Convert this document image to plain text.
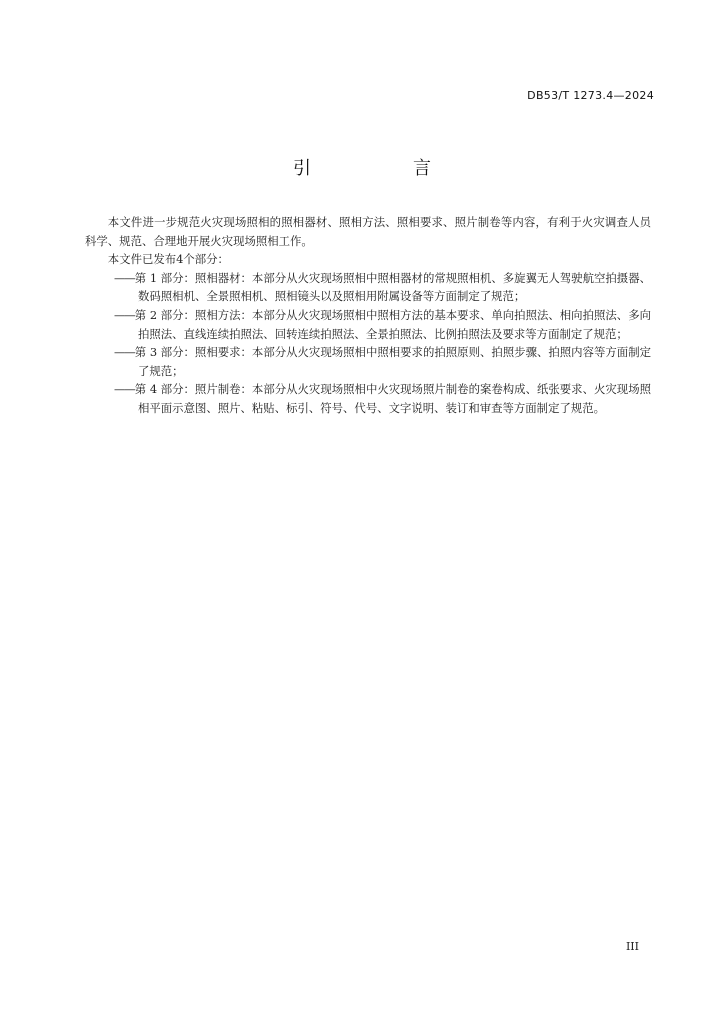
DB53/T 1273.4—2024
引　言

本文件进一步规范火灾现场照相的照相器材、照相方法、照相要求、照片制卷等内容，有利于火灾调查人员科学、规范、合理地开展火灾现场照相工作。

本文件已发布4个部分：

——第 1 部分：照相器材：本部分从火灾现场照相中照相器材的常规照相机、多旋翼无人驾驶航空拍摄器、数码照相机、全景照相机、照相镜头以及照相用附属设备等方面制定了规范；

——第 2 部分：照相方法：本部分从火灾现场照相中照相方法的基本要求、单向拍照法、相向拍照法、多向拍照法、直线连续拍照法、回转连续拍照法、全景拍照法、比例拍照法及要求等方面制定了规范；

——第 3 部分：照相要求：本部分从火灾现场照相中照相要求的拍照原则、拍照步骤、拍照内容等方面制定了规范；

——第 4 部分：照片制卷：本部分从火灾现场照相中火灾现场照片制卷的案卷构成、纸张要求、火灾现场照相平面示意图、照片、粘贴、标引、符号、代号、文字说明、装订和审查等方面制定了规范。

III
